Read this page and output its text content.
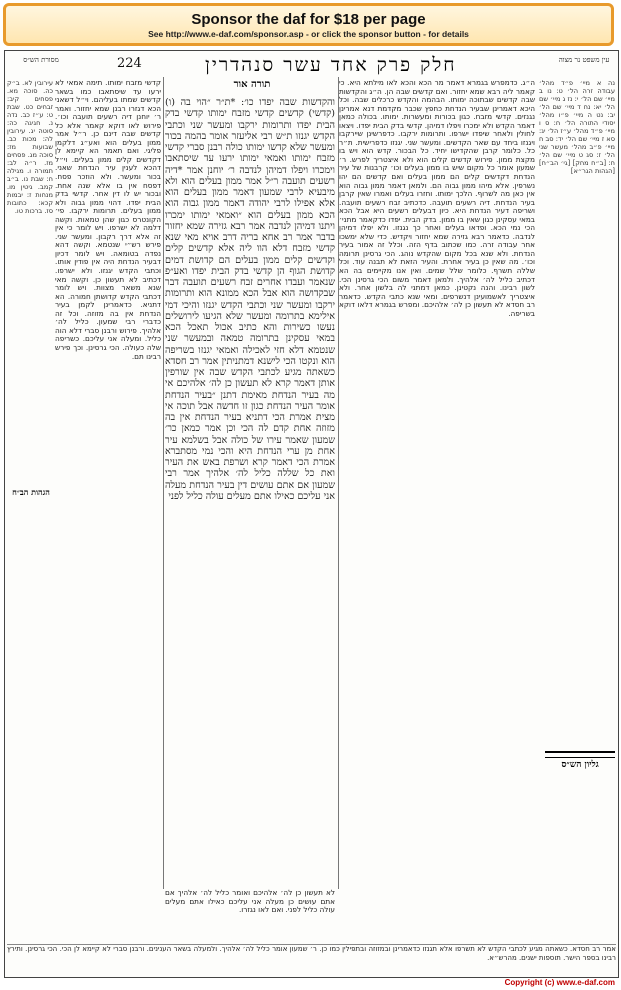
Sponsor the daf for $18 per page
See http://www.e-daf.com/sponsor.asp - or click the sponsor button - for details
מסורת הש״ס	224	חלק פרק אחד עשר סנהדרין	עין משפט נר מצוה
עירובין לא. ב״ק כה. סוכה מא. פסחים קיב: זבחים כט. שבת ט: ע״ז כב. נדה נ. חגיגה כה: סוטה יג. עירובין לה: מכות כב. שבועות מז: סוכה מג. פסחים מז. ר״ה לב: תמורה ו. מגילה ח: שבת נו. ב״ב קמב. גיטין מו. מנחות ז: יבמות קכא: כתובות סז. ברכות טו.
קדשי מזבח ימותו. תימה אמאי לא ירעו עד שיסתאבו כמו בשאר קדשים שמתו בעליהם. וי״ל דשאני הכא דגזרו רבנן שמא יחזור. ואמר ר׳ יוחנן דיה רשעים תועבה וכו׳. פירוש לאו דוקא קאמר אלא כל קדשים שבה דינם כן. ר״ל אמר ממון בעלים הוא ואע״ג דלקמן פליגי. ואם תאמר הא קיימא לן דקדשים קלים ממון בעלים. וי״ל דהכא לענין עיר הנדחת שאני. בכור ומעשר. ולא הוזכר פסח. דפסח אין בו אלא שנה אחת. ובכור יש לו דין אחר. קדשי בדק הבית יפדו. דהוי ממון גבוה ולא ממון בעלים. תרומות ירקבו. פי׳ הקונטרס כגון שהן טמאות. וקשה דלמה לא ישרפו. ויש לומר כי אין זה אלא דרך רקבון. ומעשר שני. פירש רש״י שנטמא. וקשה דהא נפדה בטומאה. ויש לומר דכיון דבעיר הנדחת היה אין פודין אותו. וכתבי הקדש יגנזו. ולא ישרפו. דכתיב לא תעשון כן. וקשה מאי שנא משאר מצוות. ויש לומר דכתבי הקדש קדושתן חמורה. הא דתניא. כדאמרינן לקמן בעיר הנדחת אין בה מזוזה. וכל זה כדברי רבי שמעון. כליל לה׳ אלהיך. פירוש ורבנן סברי דלא הוה כליל. ומעלה אני עליכם. כשריפה שלה כעולה. הכי גרסינן. וכך פירש רבינו תם.
והקדשות שבה יפדו כו׳: *ת״ר ״הוי בה (ו) (קדשי) קדשים קדשי מזבח ימותו קדשי בדק הבית יפדו ותרומות ירקבו ומעשר שני וכתבי הקדש יגנזו ת״ש רבי אליעזר אומר בהמה בכור ומעשר שלא קדשו ימותו כולה רבנן סברי קדשי מזבח ימותו ואמאי ימותו ירעו עד שיסתאבו וימכרו ויפלו דמיהן לנדבה ר׳ יוחנן אמר *דיה רשעים תועבה ר״ל אמר ממון בעלים הוא ולא מיבעיא לרבי שמעון דאמר ממון בעלים הוא אלא אפילו לרבי יהודה דאמר ממון גבוה הוא הכא ממון בעלים הוא ״ואמאי ימותו ימכרו ויתנו דמיהן לנדבה אמר רבא גזירה שמא יחזור בדבר אמר רב אחא בריה דרב אויא מאי שנא קדשי מזבח דלא הוו ליה אלא קדשים קלים וקדשים קלים ממון בעלים הם קדושת דמים קדושת הגוף הן קדשי בדק הבית יפדו ואע״פ שנאמר ועבדו אחרים זבח רשעים תועבה דבר שבקדושה הוא אבל הכא ממונא הוא ותרומות ירקבו ומעשר שני וכתבי הקדש יגנזו והיכי דמי אילימא בתרומה ומעשר שלא הגיעו לירושלים נעשו כשירות והא כתיב אכול תאכל הכא במאי עסקינן בתרומה טמאה ובמעשר שני שנטמא דלא חזי לאכילה ואמאי יגנזו בשריפה הוא ונקטו הכי לישנא דמתניתין אמר רב חסדא כשאתה מגיע לכתבי הקדש שבה אין שורפין אותן דאמר קרא לא תעשון כן לה׳ אלהיכם אי מה בעיר הנדחת מאימת דתנן ״בעיר הנדחת אומר העיר הנדחת כגון זו חדשה אבל תוכה אי מצית אמרת הכי דתניא בעיר הנדחת אין בה מזוזה אחת קדם לה הכי וכן אמר כמאן כר׳ שמעון שאמר עירו של כולה אבל בשלמא עיר אחת מן ערי הנדחת היא והכי נמי מסתברא אמרת הכי דאמר קרא ושרפת באש את העיר ואת כל שללה כליל לה׳ אלהיך אמר רבי שמעון אם אתם עושים דין בעיר הנדחת מעלה אני עליכם כאילו אתם מעלים עולה כליל לפני
לא תעשון כן לה׳ אלהיכם ואומר כליל לה׳ אלהיך אם אתם עושים כן מעלה אני עליכם כאילו אתם מעלים עולה כליל לפני. ואם לאו נגזרו.
ה״ג. כדמפרש בגמרא דאמר מר הכא והכא לאו מילתא היא. כי קאמר ליה רבא שמא יחזור. ואם קדשים שבה הן. ה״ג והקדשות שבה קדשים שבתוכה ימותו. הבהמה והקדש כרכלים שבה. וכל היכא דאמרינן שבעיר הנדחת כחפץ שכבר מקדמת דנא אמרינן נגנזים. קדשי מזבח. כגון בכורות ומעשרות. ימותו. בכולה כמאן דאמר הקדש ולא ימכרו ויפלו דמיהן. קדשי בדק הבית יפדו. ויצאו לחולין ולאחר שיפדו ישרפו. ותרומות ירקבו. כדפרשינן שיירקבו ויגנזו ביחד עם שאר הקדשים. ומעשר שני. יגנזו כדפרישית. ת״ר כל. כלומר קרבן שהקדישו יחיד. כל הבכור. קדש הוא ויש בו מקצת ממון. פירוש קדשים קלים הוא ולא איצטריך לפרש. ר׳ שמעון אומר כל מקום שיש בו ממון בעלים וכו׳ קרבנות של עיר הנדחת דקדשים קלים הם ממון בעלים ואם קדשים הם יהו נשרפין. אלא מיהו ממון גבוה הם. ולמאן דאמר ממון גבוה הוא אין כאן מה לשרוף. הלכך ימותו. וחזרו בעלים ואמרו שאין קרבן בעיר הנדחת. דיה רשעים תועבה. כדכתיב זבח רשעים תועבה. ושריפה דעיר הנדחת היא. כיון דבעלים רשעים היא אבל הכא במאי עסקינן כגון שאין בו ממון. בדק הבית. יפדו כדקאמר מתני׳ הכי נמי הכא. ופדאו בעלים ואחר כך נגנזו. ולא יפלו דמיהן לנדבה. כדאמר רבא גזירה שמא יחזור ויקדיש. כדי שלא ימשכו אחר עבודה זרה. כמו שכתוב בדף הזה. וכלל זה אמור בעיר הנדחת. ולא שנא בכל מקום שהקדש נוהג. הכי גרסינן תרומה וכו׳. מה שאין כן בעיר אחרת. והעיר הזאת לא תבנה עוד. וכל שללה תשרף. כלומר שלל שמים. ואין אנו מקיימים בה הא דכתיב כליל לה׳ אלהיך. ולמאן דאמר משום הכי גרסינן הכי. לשון רבינו. והנה נקטינן. כמאן דמתני לה בלשון אחר. ולא איצטריך לאשמועינן דנשרפים. ומאי שנא כתבי הקדש. כדאמר רב חסדא לא תעשון כן לה׳ אלהיכם. ומפרש בגמרא דלאו דוקא בשריפה.
נה א מיי׳ פ״ד מהל׳ עבודה זרה הל׳ ט: נו ב מיי׳ שם הל׳ י: נז ג מיי׳ שם הל׳ יא: נח ד מיי׳ שם הל׳ יב: נט ה מיי׳ פ״ו מהל׳ יסודי התורה הל׳ ח: ס ו מיי׳ פ״ד מהל׳ ע״ז הל׳ יג: סא ז מיי׳ שם הל׳ יד: סב ח מיי׳ פ״ב מהל׳ מעשר שני הל׳ ז: סג ט מיי׳ שם הל׳ ח: [ב״ח מחק] [גי׳ הב״ח] [הגהות הגר״א]
תורה אור
הגהות הב״ח
גליון הש״ס
אמר רב חסדא. כשאתה מגיע לכתבי הקדש לא תשרפו אלא תגנזו כדאמרינן ובמזוזה ובתפילין כמו כן. ר׳ שמעון אומר כליל לה׳ אלהיך. ולמעלה בשאר הענינים. ורבנן סברי לא קיימא לן הכי. הכי גרסינן. ותירץ רבינו בספר הישר. תוספות ישנים. מהרש״א.
Copyright (c) www.e-daf.com
